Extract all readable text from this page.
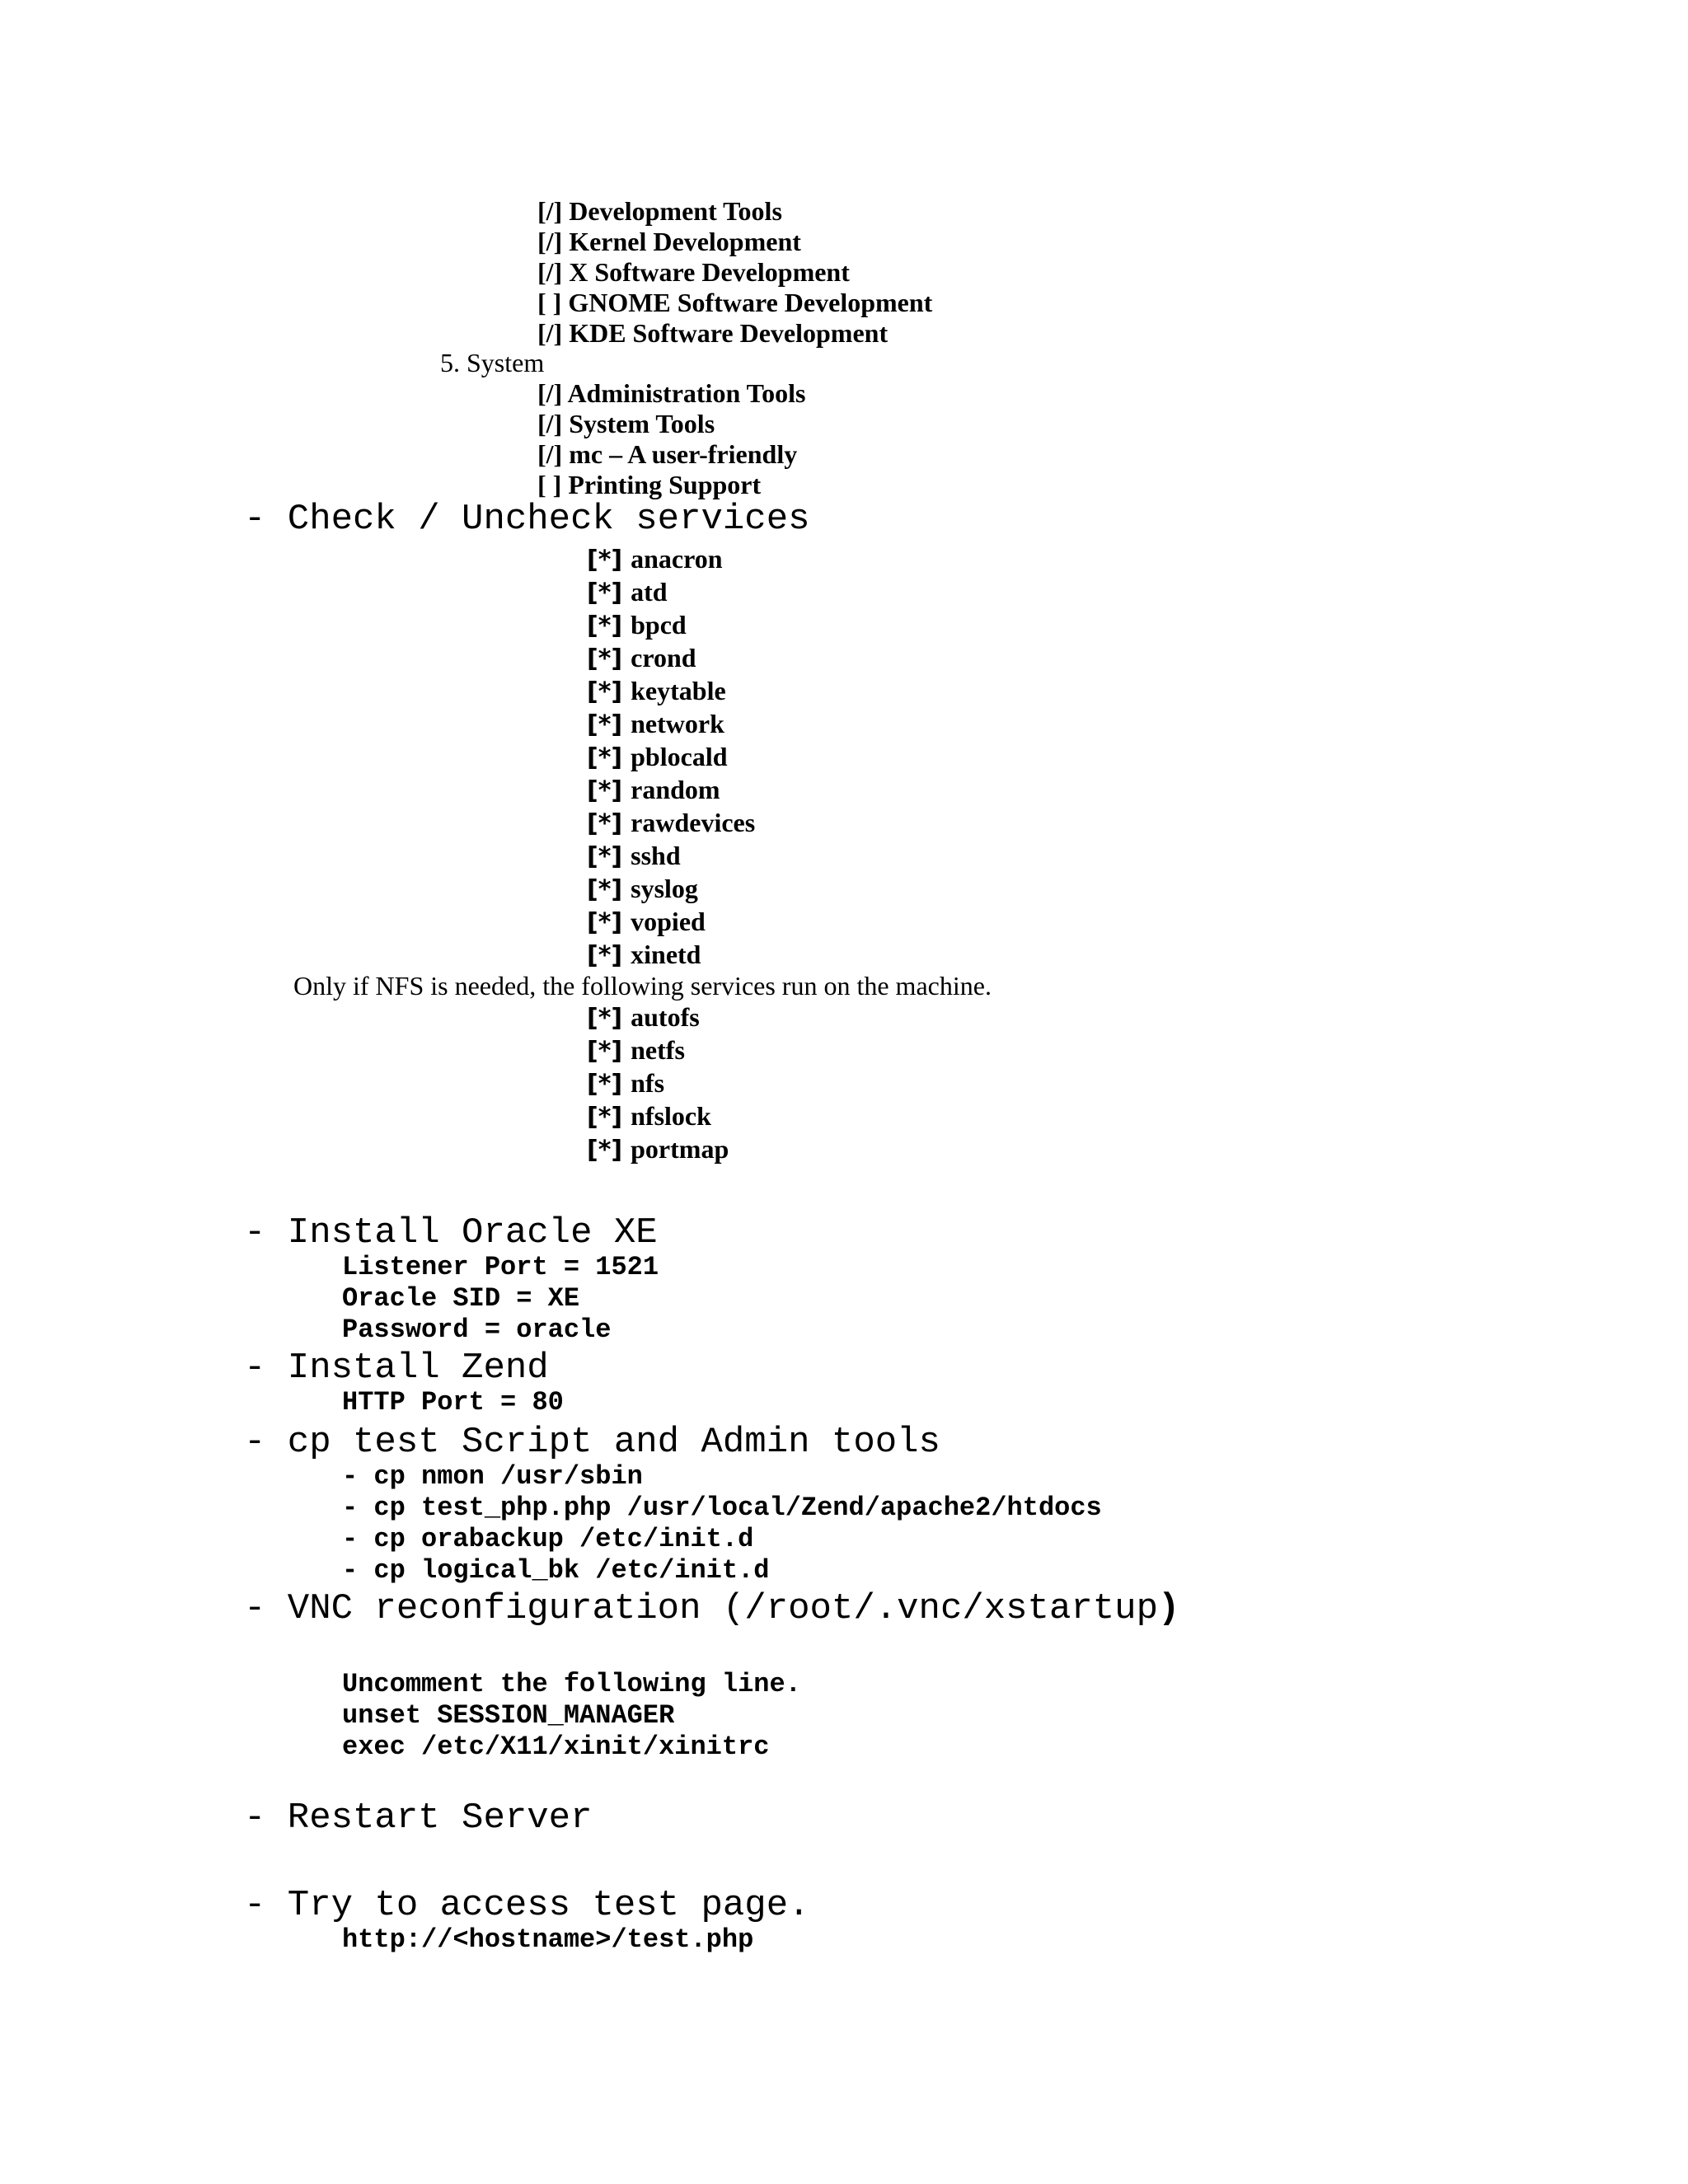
[/] Development Tools
[/] Kernel Development
[/] X Software Development
[ ] GNOME Software Development
[/] KDE Software Development
5. System
[/] Administration Tools
[/] System Tools
[/] mc – A user-friendly
[ ] Printing Support
- Check / Uncheck services
[*] anacron
[*] atd
[*] bpcd
[*] crond
[*] keytable
[*] network
[*] pblocald
[*] random
[*] rawdevices
[*] sshd
[*] syslog
[*] vopied
[*] xinetd
Only if NFS is needed, the following services run on the machine.
[*] autofs
[*] netfs
[*] nfs
[*] nfslock
[*] portmap
- Install Oracle XE
Listener Port = 1521
Oracle SID = XE
Password = oracle
- Install Zend
HTTP Port = 80
- cp test Script and Admin tools
- cp nmon /usr/sbin
- cp test_php.php /usr/local/Zend/apache2/htdocs
- cp orabackup /etc/init.d
- cp logical_bk /etc/init.d
- VNC reconfiguration (/root/.vnc/xstartup)
Uncomment the following line.
unset SESSION_MANAGER
exec /etc/X11/xinit/xinitrc
- Restart Server
- Try to access test page.
http://<hostname>/test.php
